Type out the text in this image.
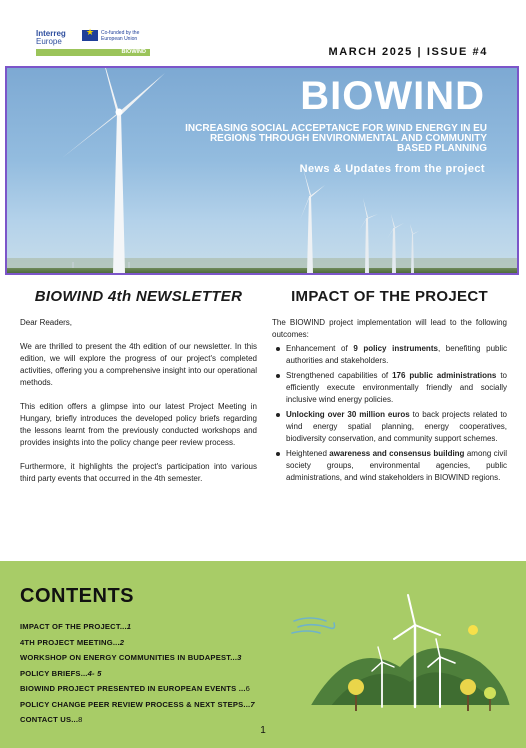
Interreg
Europe
★
Co-funded by the European Union
BIOWIND	MARCH 2025 | ISSUE #4
BIOWIND
INCREASING SOCIAL ACCEPTANCE FOR WIND ENERGY IN EU REGIONS THROUGH ENVIRONMENTAL AND COMMUNITY BASED PLANNING
News & Updates from the project
BIOWIND 4th NEWSLETTER

Dear Readers,

We are thrilled to present the 4th edition of our newsletter. In this edition, we will explore the progress of our project's completed activities, offering you a comprehensive insight into our operational methods.

This edition offers a glimpse into our latest Project Meeting in Hungary, briefly introduces the developed policy briefs regarding the lessons learnt from the previously conducted workshops and provides insights into the policy change peer review process.

Furthermore, it highlights the project's participation into various third party events that occurred in the 4th semester.

IMPACT OF THE PROJECT

The BIOWIND project implementation will lead to the following outcomes:

Enhancement of 9 policy instruments, benefiting public authorities and stakeholders.
Strengthened capabilities of 176 public administrations to efficiently execute environmentally friendly and socially inclusive wind energy policies.
Unlocking over 30 million euros to back projects related to wind energy spatial planning, energy cooperatives, biodiversity conservation, and community support schemes.
Heightened awareness and consensus building among civil society groups, environmental agencies, public administrations, and wind stakeholders in BIOWIND regions.
CONTENTS
IMPACT OF THE PROJECT...1
4TH PROJECT MEETING...2
WORKSHOP ON ENERGY COMMUNITIES IN BUDAPEST...3
POLICY BRIEFS...4- 5
BIOWIND PROJECT PRESENTED IN EUROPEAN EVENTS ...6
POLICY CHANGE PEER REVIEW PROCESS & NEXT STEPS...7
CONTACT US...8
1
